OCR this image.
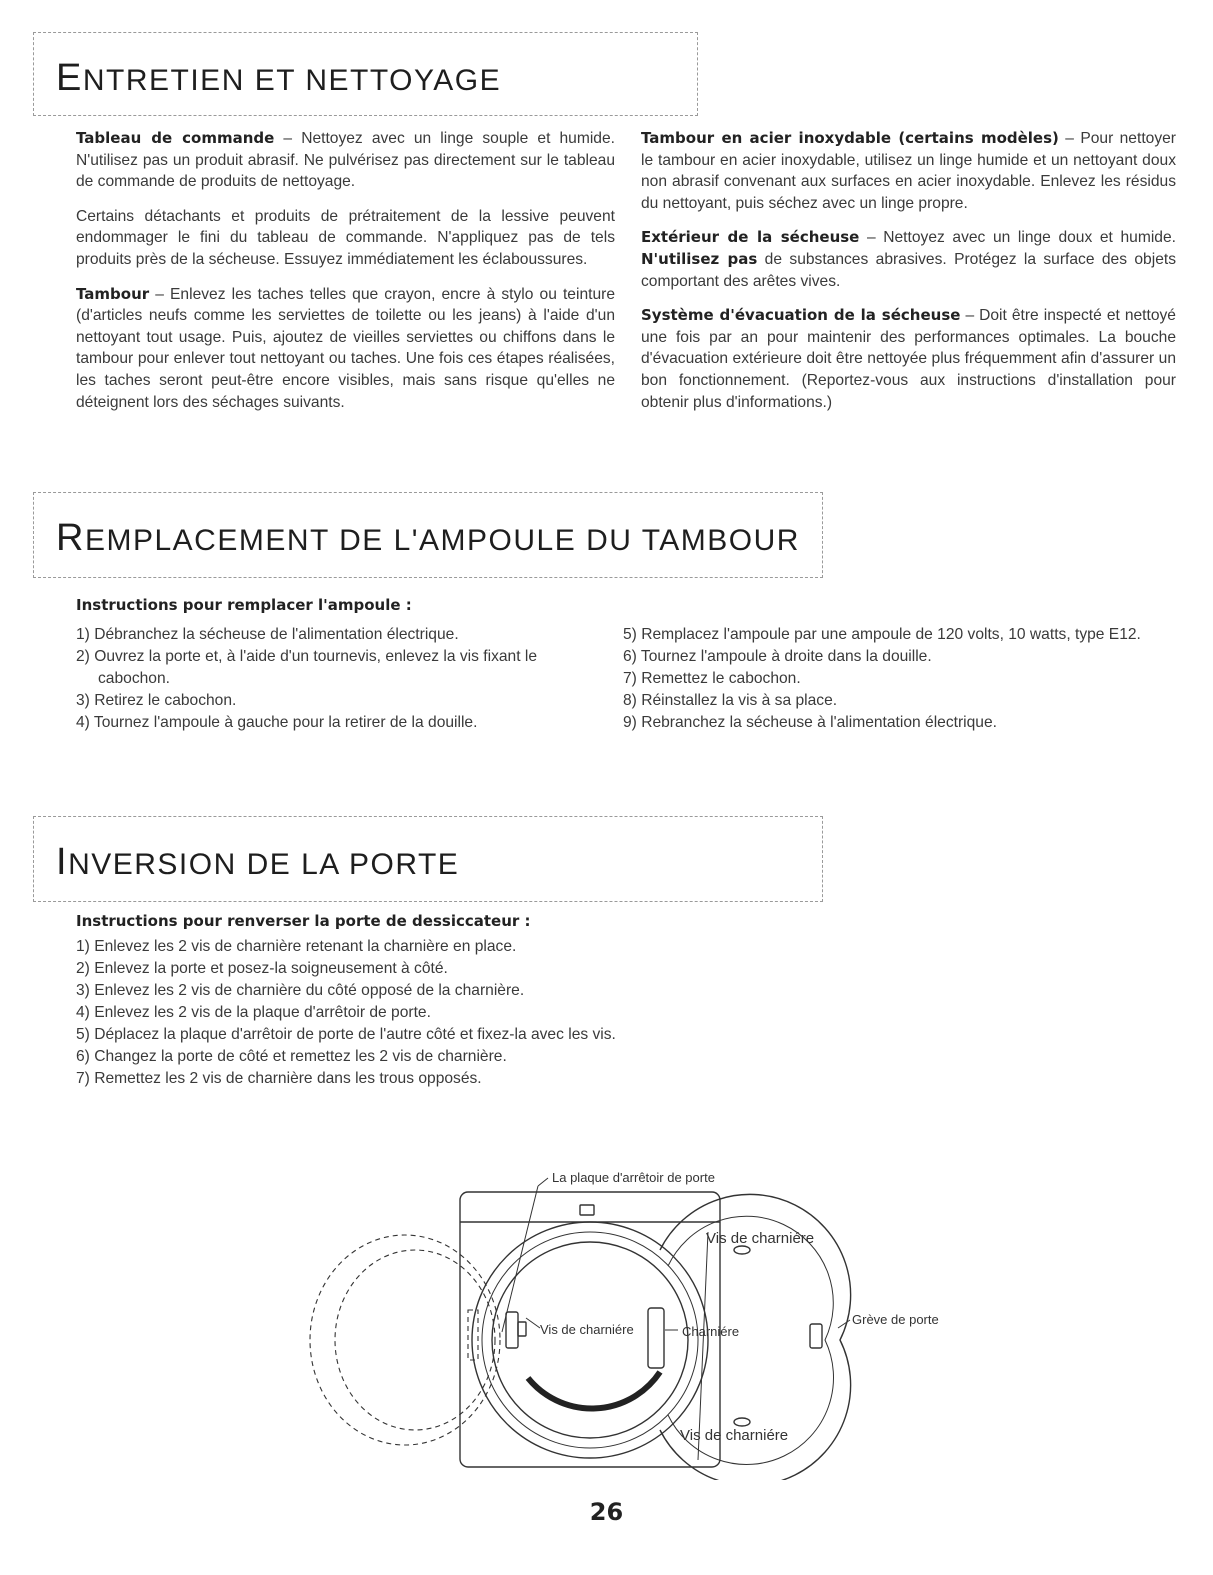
ENTRETIEN ET NETTOYAGE

Tableau de commande – Nettoyez avec un linge souple et humide. N'utilisez pas un produit abrasif. Ne pulvérisez pas directement sur le tableau de commande de produits de nettoyage.

Certains détachants et produits de prétraitement de la lessive peuvent endommager le fini du tableau de commande. N'appliquez pas de tels produits près de la sécheuse. Essuyez immédiatement les éclaboussures.

Tambour – Enlevez les taches telles que crayon, encre à stylo ou teinture (d'articles neufs comme les serviettes de toilette ou les jeans) à l'aide d'un nettoyant tout usage. Puis, ajoutez de vieilles serviettes ou chiffons dans le tambour pour enlever tout nettoyant ou taches. Une fois ces étapes réalisées, les taches seront peut-être encore visibles, mais sans risque qu'elles ne déteignent lors des séchages suivants.

Tambour en acier inoxydable (certains modèles) – Pour nettoyer le tambour en acier inoxydable, utilisez un linge humide et un nettoyant doux non abrasif convenant aux surfaces en acier inoxydable. Enlevez les résidus du nettoyant, puis séchez avec un linge propre.

Extérieur de la sécheuse – Nettoyez avec un linge doux et humide. N'utilisez pas de substances abrasives. Protégez la surface des objets comportant des arêtes vives.

Système d'évacuation de la sécheuse – Doit être inspecté et nettoyé une fois par an pour maintenir des performances optimales. La bouche d'évacuation extérieure doit être nettoyée plus fréquemment afin d'assurer un bon fonctionnement. (Reportez-vous aux instructions d'installation pour obtenir plus d'informations.)

REMPLACEMENT DE L'AMPOULE DU TAMBOUR
Instructions pour remplacer l'ampoule :
1) Débranchez la sécheuse de l'alimentation électrique.
2) Ouvrez la porte et, à l'aide d'un tournevis, enlevez la vis fixant le cabochon.
3) Retirez le cabochon.
4) Tournez l'ampoule à gauche pour la retirer de la douille.
5) Remplacez l'ampoule par une ampoule de 120 volts, 10 watts, type E12.
6) Tournez l'ampoule à droite dans la douille.
7) Remettez le cabochon.
8) Réinstallez la vis à sa place.
9) Rebranchez la sécheuse à l'alimentation électrique.
INVERSION DE LA PORTE
Instructions pour renverser la porte de dessiccateur :
1) Enlevez les 2 vis de charnière retenant la charnière en place.
2) Enlevez la porte et posez-la soigneusement à côté.
3) Enlevez les 2 vis de charnière du côté opposé de la charnière.
4) Enlevez les 2 vis de la plaque d'arrêtoir de porte.
5) Déplacez la plaque d'arrêtoir de porte de l'autre côté et fixez-la avec les vis.
6) Changez la porte de côté et remettez les 2 vis de charnière.
7) Remettez les 2 vis de charnière dans les trous opposés.
La plaque d'arrêtoir de porte
Vis de charniére
Vis de charniére	Charniére
Grève de porte
Vis de charniére
26
